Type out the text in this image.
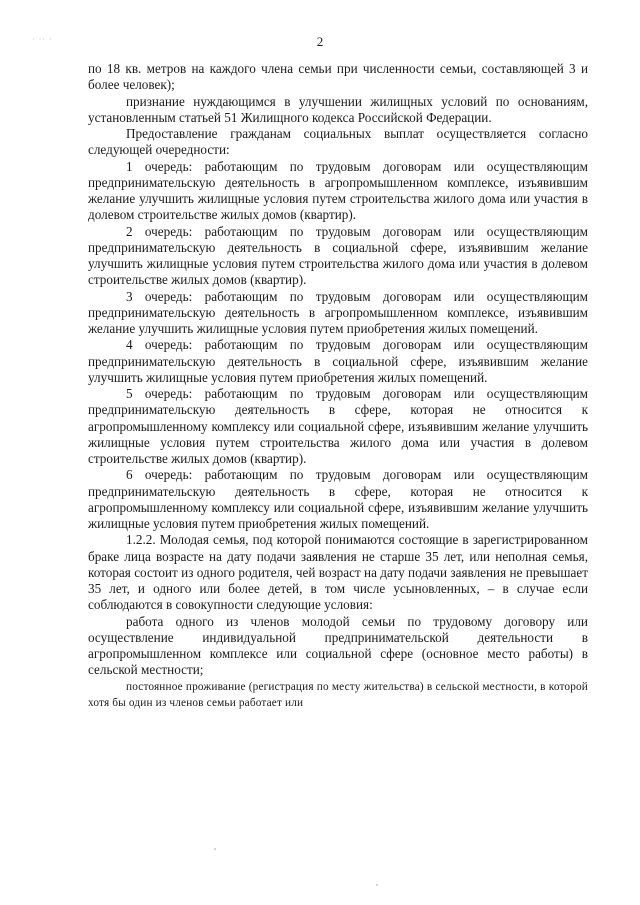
· ·· ·	2

по 18 кв. метров на каждого члена семьи при численности семьи, составляющей 3 и более человек);

признание нуждающимся в улучшении жилищных условий по основаниям, установленным статьей 51 Жилищного кодекса Российской Федерации.

Предоставление гражданам социальных выплат осуществляется согласно следующей очередности:

1 очередь: работающим по трудовым договорам или осуществляющим предпринимательскую деятельность в агропромышленном комплексе, изъявившим желание улучшить жилищные условия путем строительства жилого дома или участия в долевом строительстве жилых домов (квартир).

2 очередь: работающим по трудовым договорам или осуществляющим предпринимательскую деятельность в социальной сфере, изъявившим желание улучшить жилищные условия путем строительства жилого дома или участия в долевом строительстве жилых домов (квартир).

3 очередь: работающим по трудовым договорам или осуществляющим предпринимательскую деятельность в агропромышленном комплексе, изъявившим желание улучшить жилищные условия путем приобретения жилых помещений.

4 очередь: работающим по трудовым договорам или осуществляющим предпринимательскую деятельность в социальной сфере, изъявившим желание улучшить жилищные условия путем приобретения жилых помещений.

5 очередь: работающим по трудовым договорам или осуществляющим предпринимательскую деятельность в сфере, которая не относится к агропромышленному комплексу или социальной сфере, изъявившим желание улучшить жилищные условия путем строительства жилого дома или участия в долевом строительстве жилых домов (квартир).

6 очередь: работающим по трудовым договорам или осуществляющим предпринимательскую деятельность в сфере, которая не относится к агропромышленному комплексу или социальной сфере, изъявившим желание улучшить жилищные условия путем приобретения жилых помещений.

1.2.2. Молодая семья, под которой понимаются состоящие в зарегистрированном браке лица возрасте на дату подачи заявления не старше 35 лет, или неполная семья, которая состоит из одного родителя, чей возраст на дату подачи заявления не превышает 35 лет, и одного или более детей, в том числе усыновленных, – в случае если соблюдаются в совокупности следующие условия:

работа одного из членов молодой семьи по трудовому договору или осуществление индивидуальной предпринимательской деятельности в агропромышленном комплексе или социальной сфере (основное место работы) в сельской местности;

постоянное проживание (регистрация по месту жительства) в сельской местности, в которой хотя бы один из членов семьи работает или
